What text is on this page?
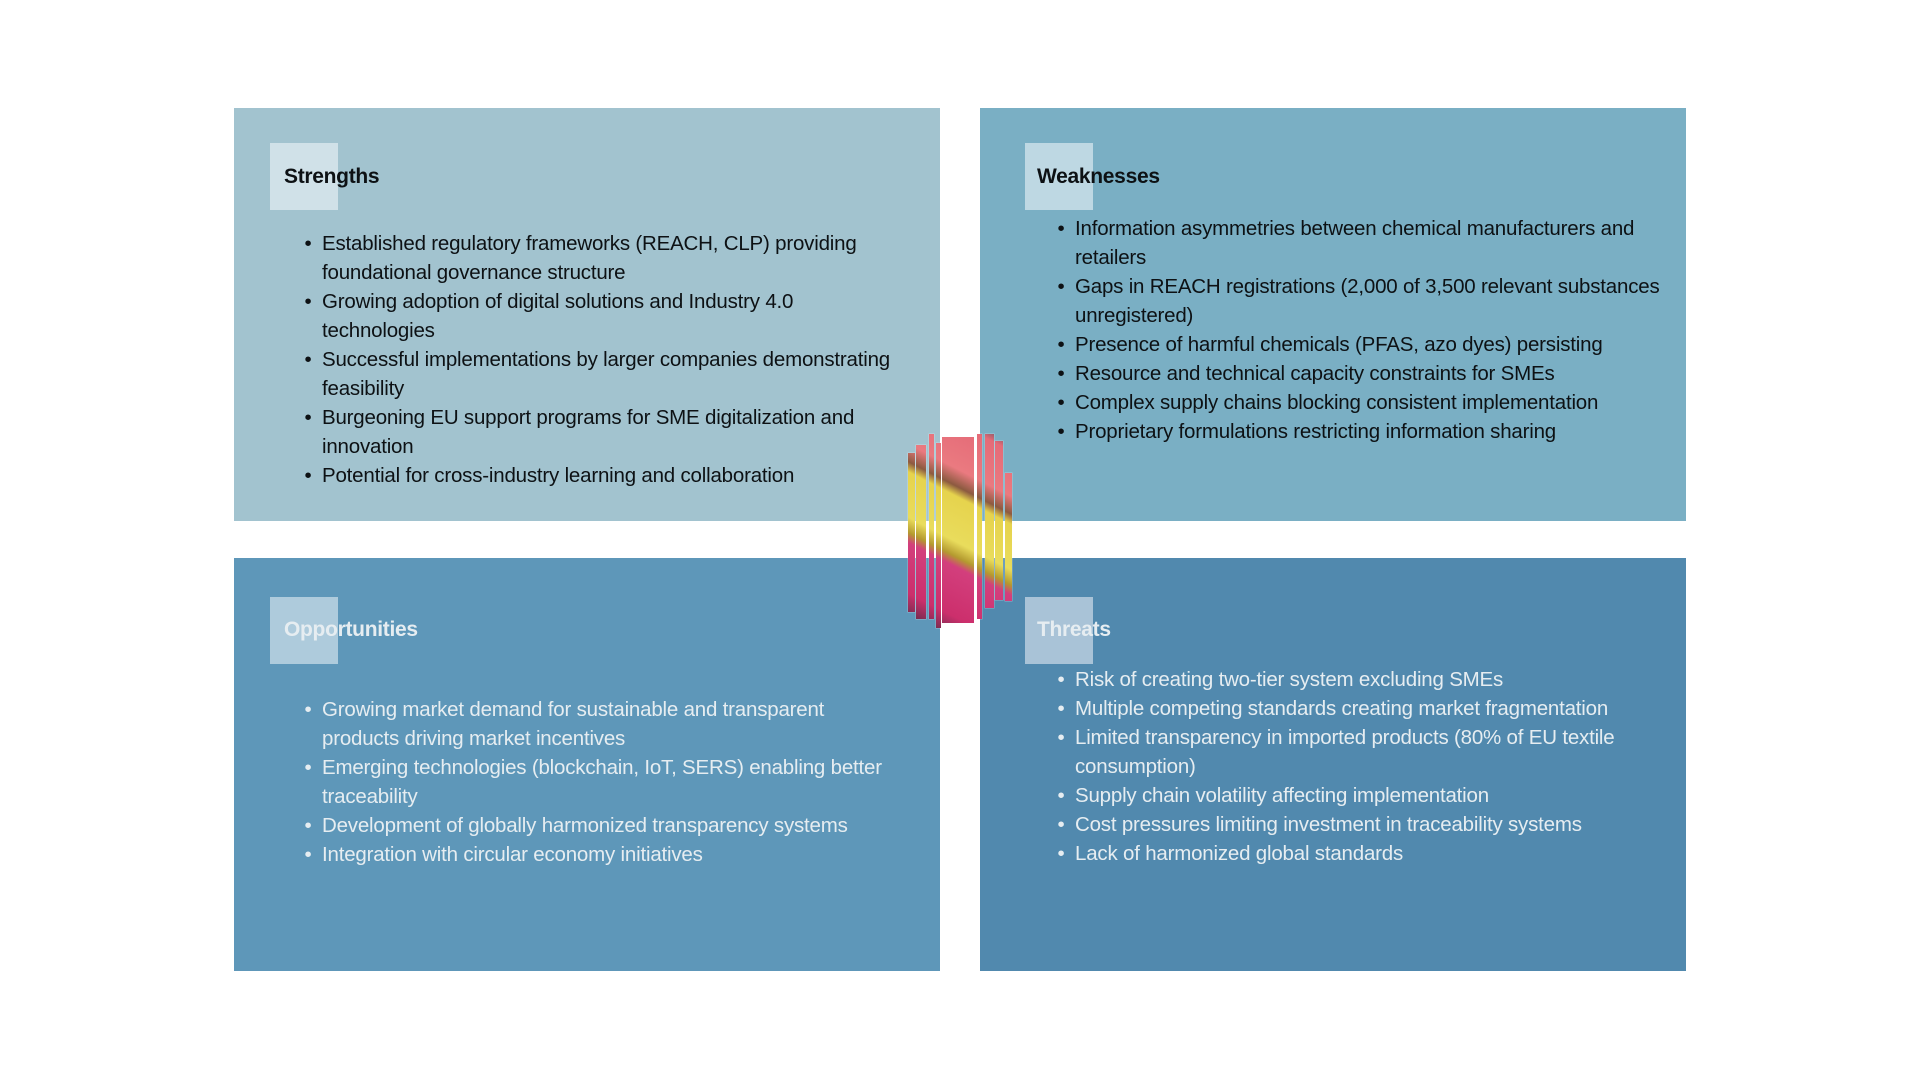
Strengths
• Established regulatory frameworks (REACH, CLP) providing foundational governance structure
• Growing adoption of digital solutions and Industry 4.0 technologies
• Successful implementations by larger companies demonstrating feasibility
• Burgeoning EU support programs for SME digitalization and innovation
• Potential for cross-industry learning and collaboration
Weaknesses
• Information asymmetries between chemical manufacturers and retailers
• Gaps in REACH registrations (2,000 of 3,500 relevant substances unregistered)
• Presence of harmful chemicals (PFAS, azo dyes) persisting
• Resource and technical capacity constraints for SMEs
• Complex supply chains blocking consistent implementation
• Proprietary formulations restricting information sharing
Opportunities
• Growing market demand for sustainable and transparent products driving market incentives
• Emerging technologies (blockchain, IoT, SERS) enabling better traceability
• Development of globally harmonized transparency systems
• Integration with circular economy initiatives
Threats
• Risk of creating two-tier system excluding SMEs
• Multiple competing standards creating market fragmentation
• Limited transparency in imported products (80% of EU textile consumption)
• Supply chain volatility affecting implementation
• Cost pressures limiting investment in traceability systems
• Lack of harmonized global standards
